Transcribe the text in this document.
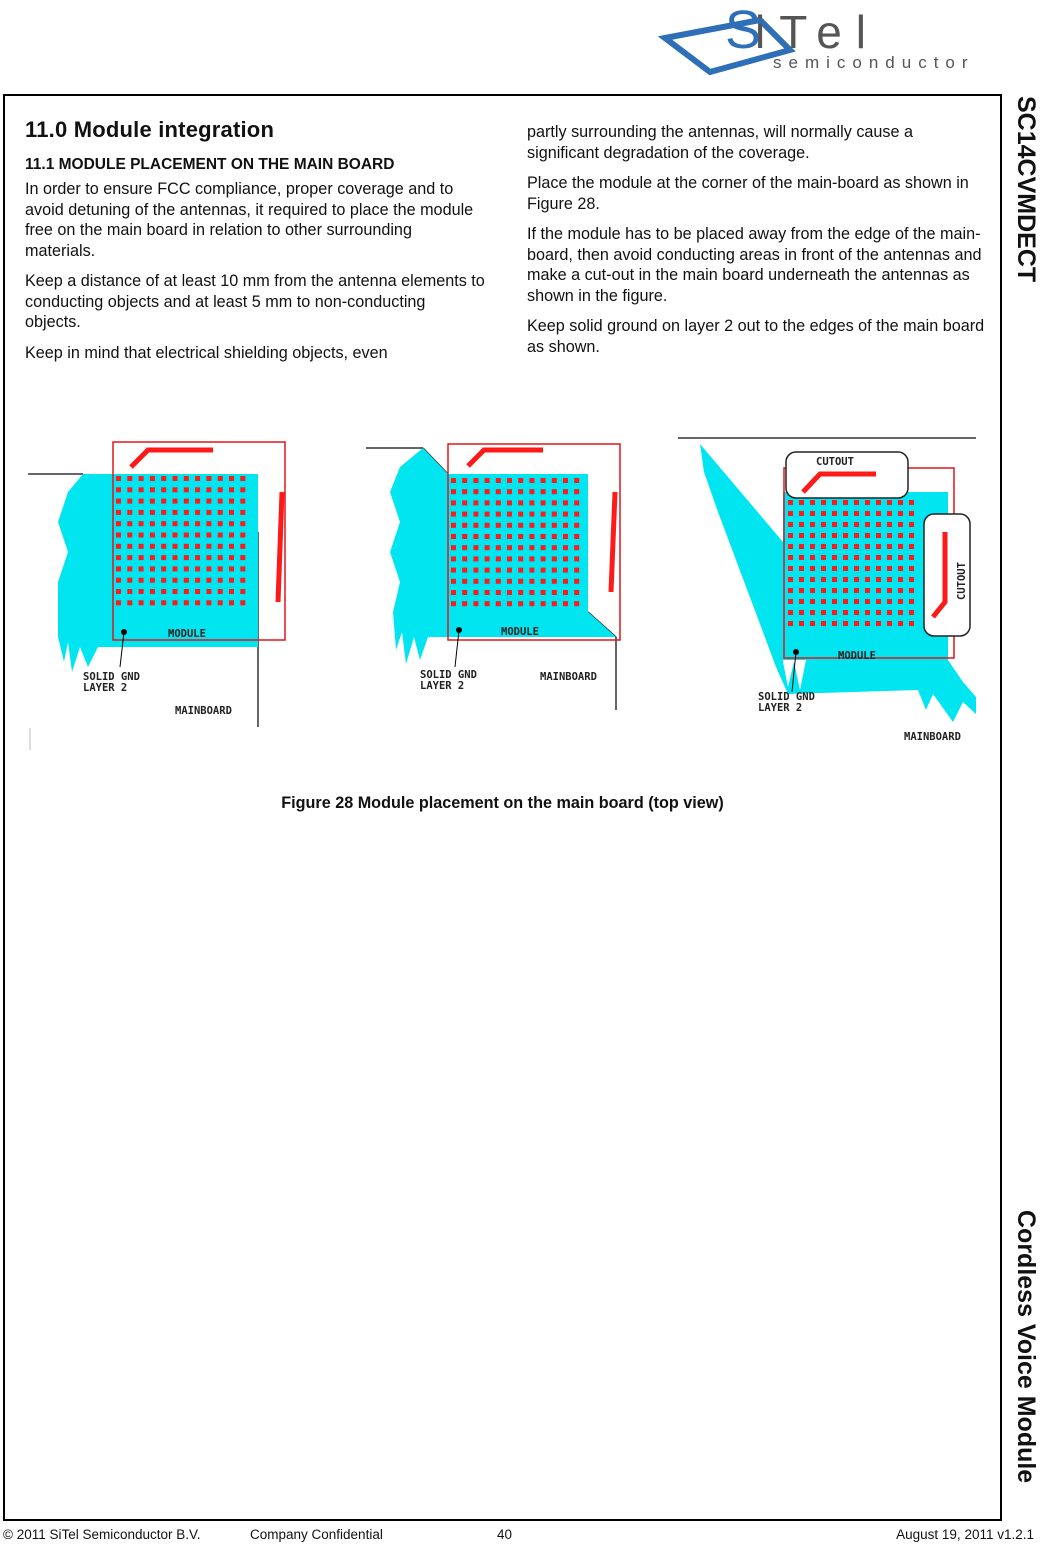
S
iTel
semiconductor
SC14CVMDECT
Cordless Voice Module
11.0 Module integration
11.1 MODULE PLACEMENT ON THE MAIN BOARD

In order to ensure FCC compliance, proper coverage and to avoid detuning of the antennas, it required to place the module free on the main board in relation to other surrounding materials.

Keep a distance of at least 10 mm from the antenna elements to conducting objects and at least 5 mm to non-conducting objects.

Keep in mind that electrical shielding objects, even

partly surrounding the antennas, will normally cause a significant degradation of the coverage.

Place the module at the corner of the main-board as shown in Figure 28.

If the module has to be placed away from the edge of the main-board, then avoid conducting areas in front of the antennas and make a cut-out in the main board underneath the antennas as shown in the figure.

Keep solid ground on layer 2 out to the edges of the main board as shown.

MODULE
SOLID GND
LAYER 2
MAINBOARD
MODULE
SOLID GND
LAYER 2
MAINBOARD
CUTOUT
CUTOUT
MODULE
SOLID GND
LAYER 2
MAINBOARD
Figure 28 Module placement on the main board (top view)
© 2011 SiTel Semiconductor B.V.	Company Confidential	40	August 19, 2011 v1.2.1
